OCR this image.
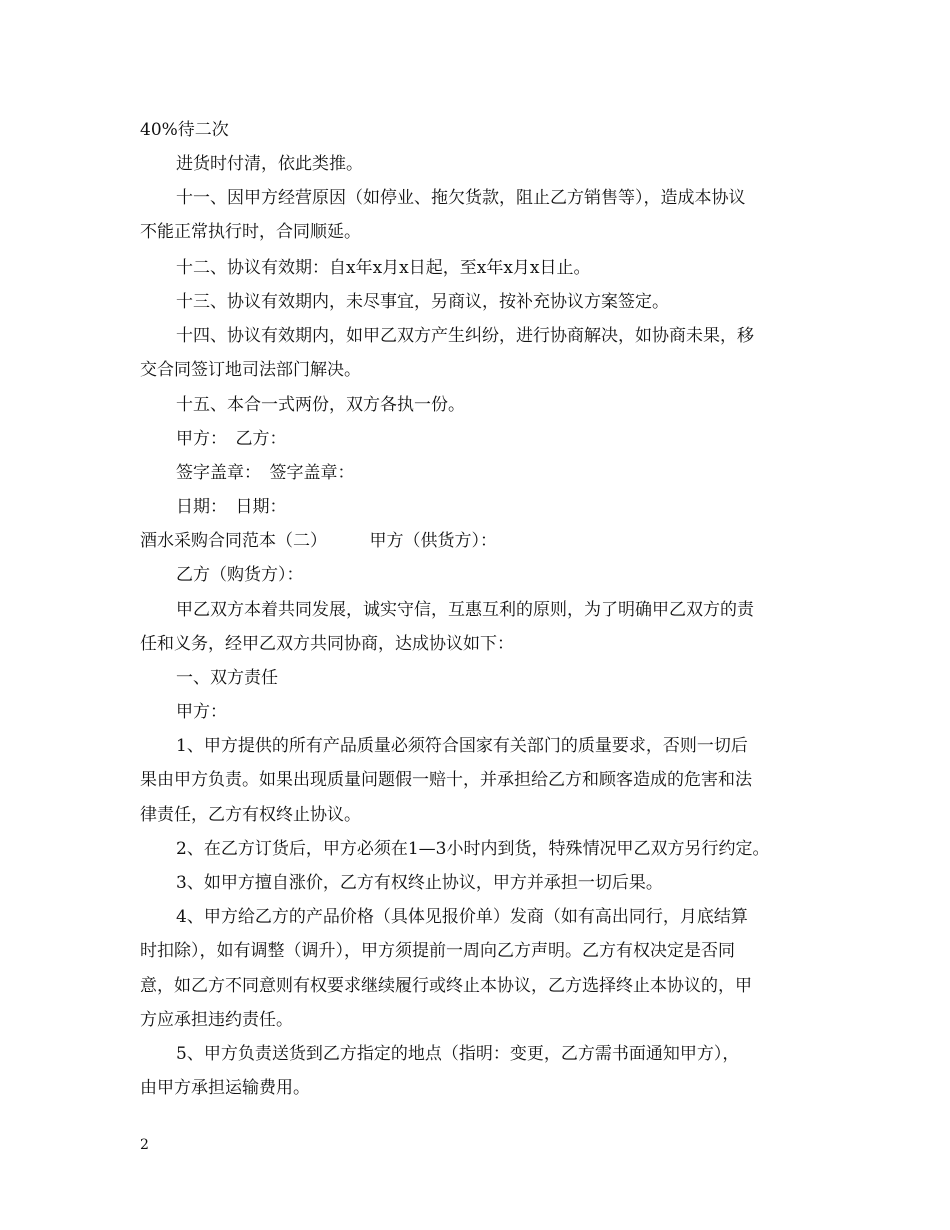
40%待二次

进货时付清，依此类推。

十一、因甲方经营原因（如停业、拖欠货款，阻止乙方销售等），造成本协议

不能正常执行时，合同顺延。

十二、协议有效期：自x年x月x日起，至x年x月x日止。

十三、协议有效期内，未尽事宜，另商议，按补充协议方案签定。

十四、协议有效期内，如甲乙双方产生纠纷，进行协商解决，如协商未果，移

交合同签订地司法部门解决。

十五、本合一式两份，双方各执一份。

甲方：　乙方：

签字盖章：　签字盖章：

日期：　日期：

酒水采购合同范本（二）　　　甲方（供货方）：

乙方（购货方）：

甲乙双方本着共同发展，诚实守信，互惠互利的原则，为了明确甲乙双方的责

任和义务，经甲乙双方共同协商，达成协议如下：

一、双方责任

甲方：

1、甲方提供的所有产品质量必须符合国家有关部门的质量要求，否则一切后

果由甲方负责。如果出现质量问题假一赔十，并承担给乙方和顾客造成的危害和法

律责任，乙方有权终止协议。

2、在乙方订货后，甲方必须在1—3小时内到货，特殊情况甲乙双方另行约定。

3、如甲方擅自涨价，乙方有权终止协议，甲方并承担一切后果。

4、甲方给乙方的产品价格（具体见报价单）发商（如有高出同行，月底结算

时扣除），如有调整（调升），甲方须提前一周向乙方声明。乙方有权决定是否同

意，如乙方不同意则有权要求继续履行或终止本协议，乙方选择终止本协议的，甲

方应承担违约责任。

5、甲方负责送货到乙方指定的地点（指明：变更，乙方需书面通知甲方），

由甲方承担运输费用。

2
